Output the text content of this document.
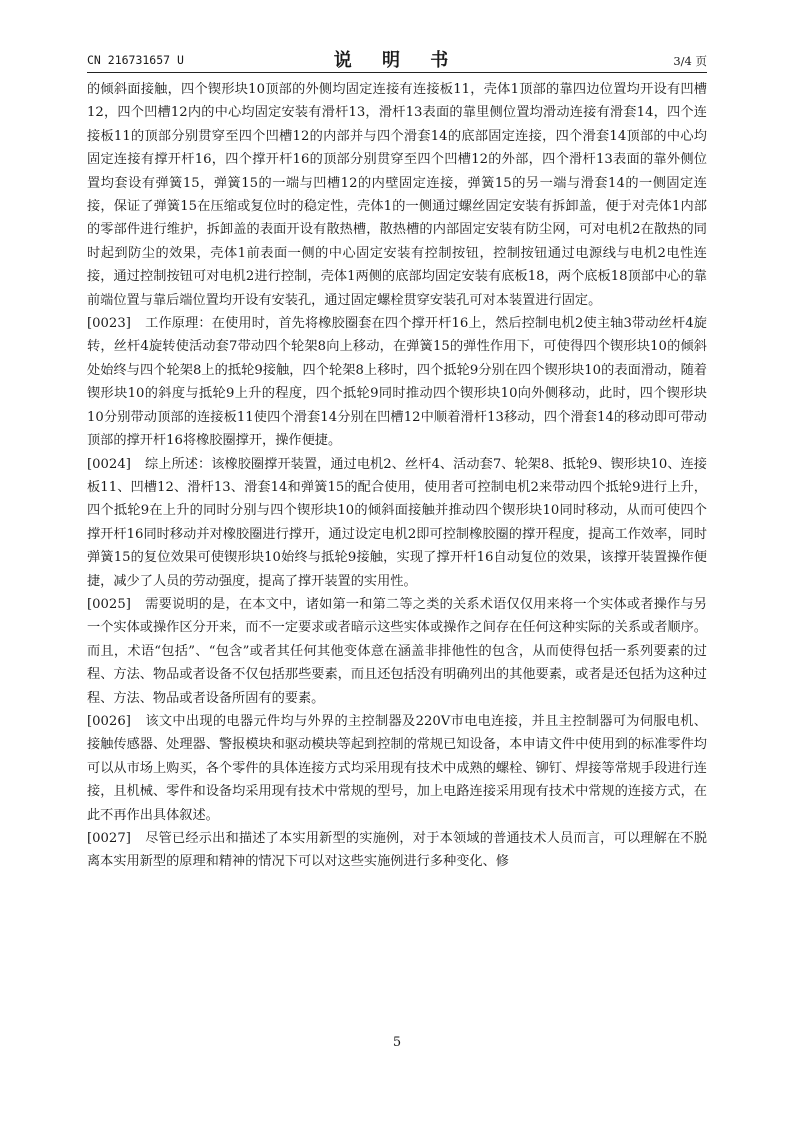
CN 216731657 U	说 明 书	3/4 页

的倾斜面接触，四个锲形块10顶部的外侧均固定连接有连接板11，壳体1顶部的靠四边位置均开设有凹槽12，四个凹槽12内的中心均固定安装有滑杆13，滑杆13表面的靠里侧位置均滑动连接有滑套14，四个连接板11的顶部分别贯穿至四个凹槽12的内部并与四个滑套14的底部固定连接，四个滑套14顶部的中心均固定连接有撑开杆16，四个撑开杆16的顶部分别贯穿至四个凹槽12的外部，四个滑杆13表面的靠外侧位置均套设有弹簧15，弹簧15的一端与凹槽12的内壁固定连接，弹簧15的另一端与滑套14的一侧固定连接，保证了弹簧15在压缩或复位时的稳定性，壳体1的一侧通过螺丝固定安装有拆卸盖，便于对壳体1内部的零部件进行维护，拆卸盖的表面开设有散热槽，散热槽的内部固定安装有防尘网，可对电机2在散热的同时起到防尘的效果，壳体1前表面一侧的中心固定安装有控制按钮，控制按钮通过电源线与电机2电性连接，通过控制按钮可对电机2进行控制，壳体1两侧的底部均固定安装有底板18，两个底板18顶部中心的靠前端位置与靠后端位置均开设有安装孔，通过固定螺栓贯穿安装孔可对本装置进行固定。

[0023] 工作原理：在使用时，首先将橡胶圈套在四个撑开杆16上，然后控制电机2使主轴3带动丝杆4旋转，丝杆4旋转使活动套7带动四个轮架8向上移动，在弹簧15的弹性作用下，可使得四个锲形块10的倾斜处始终与四个轮架8上的抵轮9接触，四个轮架8上移时，四个抵轮9分别在四个锲形块10的表面滑动，随着锲形块10的斜度与抵轮9上升的程度，四个抵轮9同时推动四个锲形块10向外侧移动，此时，四个锲形块10分别带动顶部的连接板11使四个滑套14分别在凹槽12中顺着滑杆13移动，四个滑套14的移动即可带动顶部的撑开杆16将橡胶圈撑开，操作便捷。

[0024] 综上所述：该橡胶圈撑开装置，通过电机2、丝杆4、活动套7、轮架8、抵轮9、锲形块10、连接板11、凹槽12、滑杆13、滑套14和弹簧15的配合使用，使用者可控制电机2来带动四个抵轮9进行上升，四个抵轮9在上升的同时分别与四个锲形块10的倾斜面接触并推动四个锲形块10同时移动，从而可使四个撑开杆16同时移动并对橡胶圈进行撑开，通过设定电机2即可控制橡胶圈的撑开程度，提高工作效率，同时弹簧15的复位效果可使锲形块10始终与抵轮9接触，实现了撑开杆16自动复位的效果，该撑开装置操作便捷，减少了人员的劳动强度，提高了撑开装置的实用性。

[0025] 需要说明的是，在本文中，诸如第一和第二等之类的关系术语仅仅用来将一个实体或者操作与另一个实体或操作区分开来，而不一定要求或者暗示这些实体或操作之间存在任何这种实际的关系或者顺序。而且，术语“包括”、“包含”或者其任何其他变体意在涵盖非排他性的包含，从而使得包括一系列要素的过程、方法、物品或者设备不仅包括那些要素，而且还包括没有明确列出的其他要素，或者是还包括为这种过程、方法、物品或者设备所固有的要素。

[0026] 该文中出现的电器元件均与外界的主控制器及220V市电电连接，并且主控制器可为伺服电机、接触传感器、处理器、警报模块和驱动模块等起到控制的常规已知设备，本申请文件中使用到的标准零件均可以从市场上购买，各个零件的具体连接方式均采用现有技术中成熟的螺栓、铆钉、焊接等常规手段进行连接，且机械、零件和设备均采用现有技术中常规的型号，加上电路连接采用现有技术中常规的连接方式，在此不再作出具体叙述。

[0027] 尽管已经示出和描述了本实用新型的实施例，对于本领域的普通技术人员而言，可以理解在不脱离本实用新型的原理和精神的情况下可以对这些实施例进行多种变化、修

5
